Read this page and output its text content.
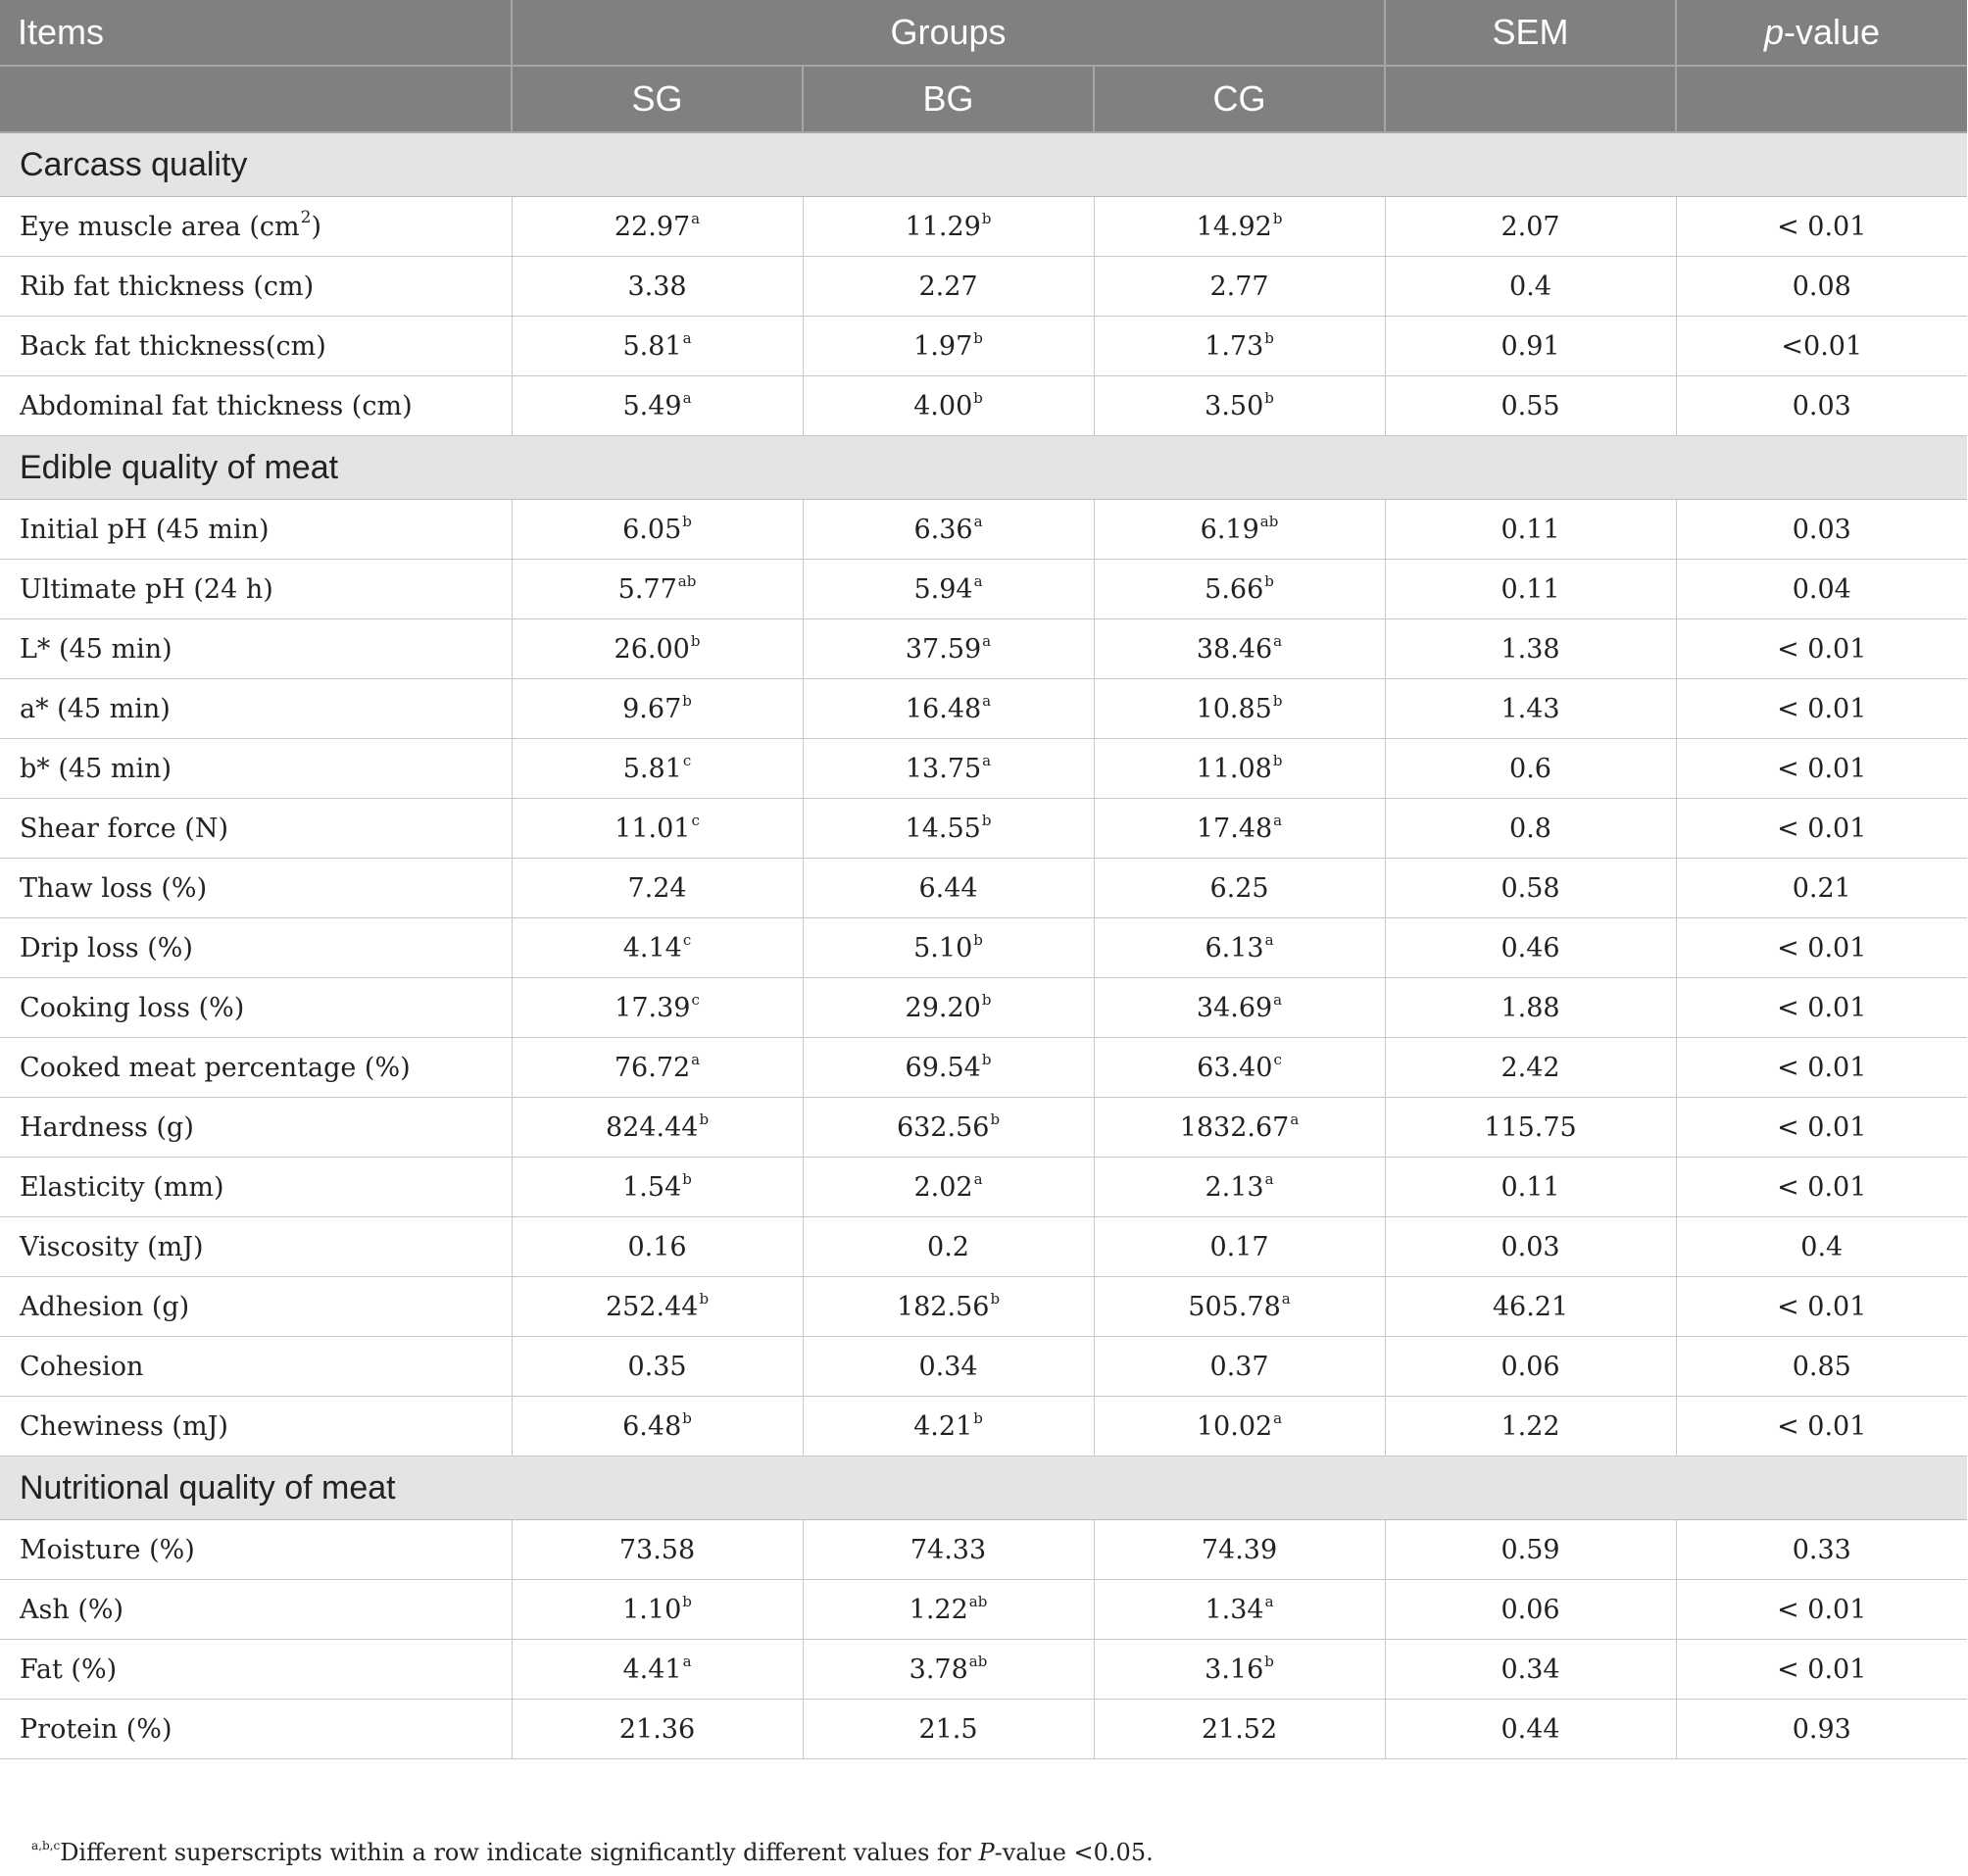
Items	Groups			SEM	p-value
	SG	BG	CG		
Carcass quality					
Eye muscle area $(cm^2)$	22.97$^a$	11.29$^b$	14.92$^b$	2.07	< 0.01
Rib fat thickness (cm)	3.38	2.27	2.77	0.4	0.08
Back fat thickness(cm)	5.81$^a$	1.97$^b$	1.73$^b$	0.91	<0.01
Abdominal fat thickness (cm)	5.49$^a$	4.00$^b$	3.50$^b$	0.55	0.03
Edible quality of meat					
Initial pH (45 min)	6.05$^b$	6.36$^a$	6.19$^{ab}$	0.11	0.03
Ultimate pH (24 h)	5.77$^{ab}$	5.94$^a$	5.66$^b$	0.11	0.04
L* (45 min)	26.00$^b$	37.59$^a$	38.46$^a$	1.38	< 0.01
a* (45 min)	9.67$^b$	16.48$^a$	10.85$^b$	1.43	< 0.01
b* (45 min)	5.81$^c$	13.75$^a$	11.08$^b$	0.6	< 0.01
Shear force (N)	11.01$^c$	14.55$^b$	17.48$^a$	0.8	< 0.01
Thaw loss (%)	7.24	6.44	6.25	0.58	0.21
Drip loss (%)	4.14$^c$	5.10$^b$	6.13$^a$	0.46	< 0.01
Cooking loss (%)	17.39$^c$	29.20$^b$	34.69$^a$	1.88	< 0.01
Cooked meat percentage (%)	76.72$^a$	69.54$^b$	63.40$^c$	2.42	< 0.01
Hardness (g)	824.44$^b$	632.56$^b$	1832.67$^a$	115.75	< 0.01
Elasticity (mm)	1.54$^b$	2.02$^a$	2.13$^a$	0.11	< 0.01
Viscosity (mJ)	0.16	0.2	0.17	0.03	0.4
Adhesion (g)	252.44$^b$	182.56$^b$	505.78$^a$	46.21	< 0.01
Cohesion	0.35	0.34	0.37	0.06	0.85
Chewiness (mJ)	6.48$^b$	4.21$^b$	10.02$^a$	1.22	< 0.01
Nutritional quality of meat					
Moisture (%)	73.58	74.33	74.39	0.59	0.33
Ash (%)	1.10$^b$	1.22$^{ab}$	1.34$^a$	0.06	< 0.01
Fat (%)	4.41$^a$	3.78$^{ab}$	3.16$^b$	0.34	< 0.01
Protein (%)	21.36	21.5	21.52	0.44	0.93
$^{a,b,c}$Different superscripts within a row indicate significantly different values for P-value <0.05.
